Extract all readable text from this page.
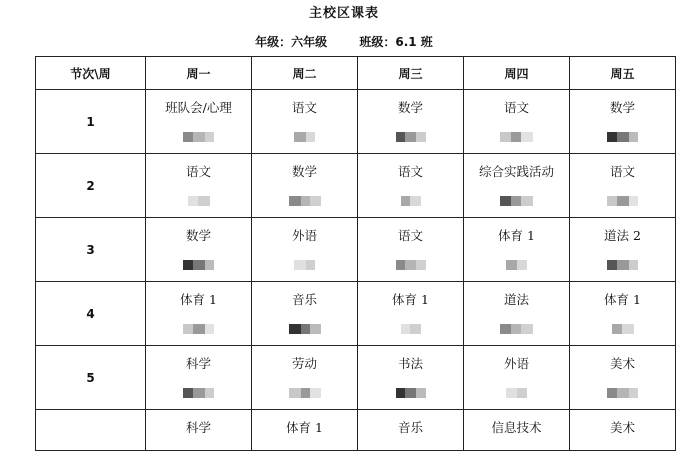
主校区课表
年级：六年级	班级：6.1 班
节次\周	周一	周二	周三	周四	周五
1	班队会/心理	语文	数学	语文	数学

2	语文	数学	语文	综合实践活动	语文

3	数学	外语	语文	体育 1	道法 2

4	体育 1	音乐	体育 1	道法	体育 1

5	科学	劳动	书法	外语	美术

	科学	体育 1	音乐	信息技术	美术
